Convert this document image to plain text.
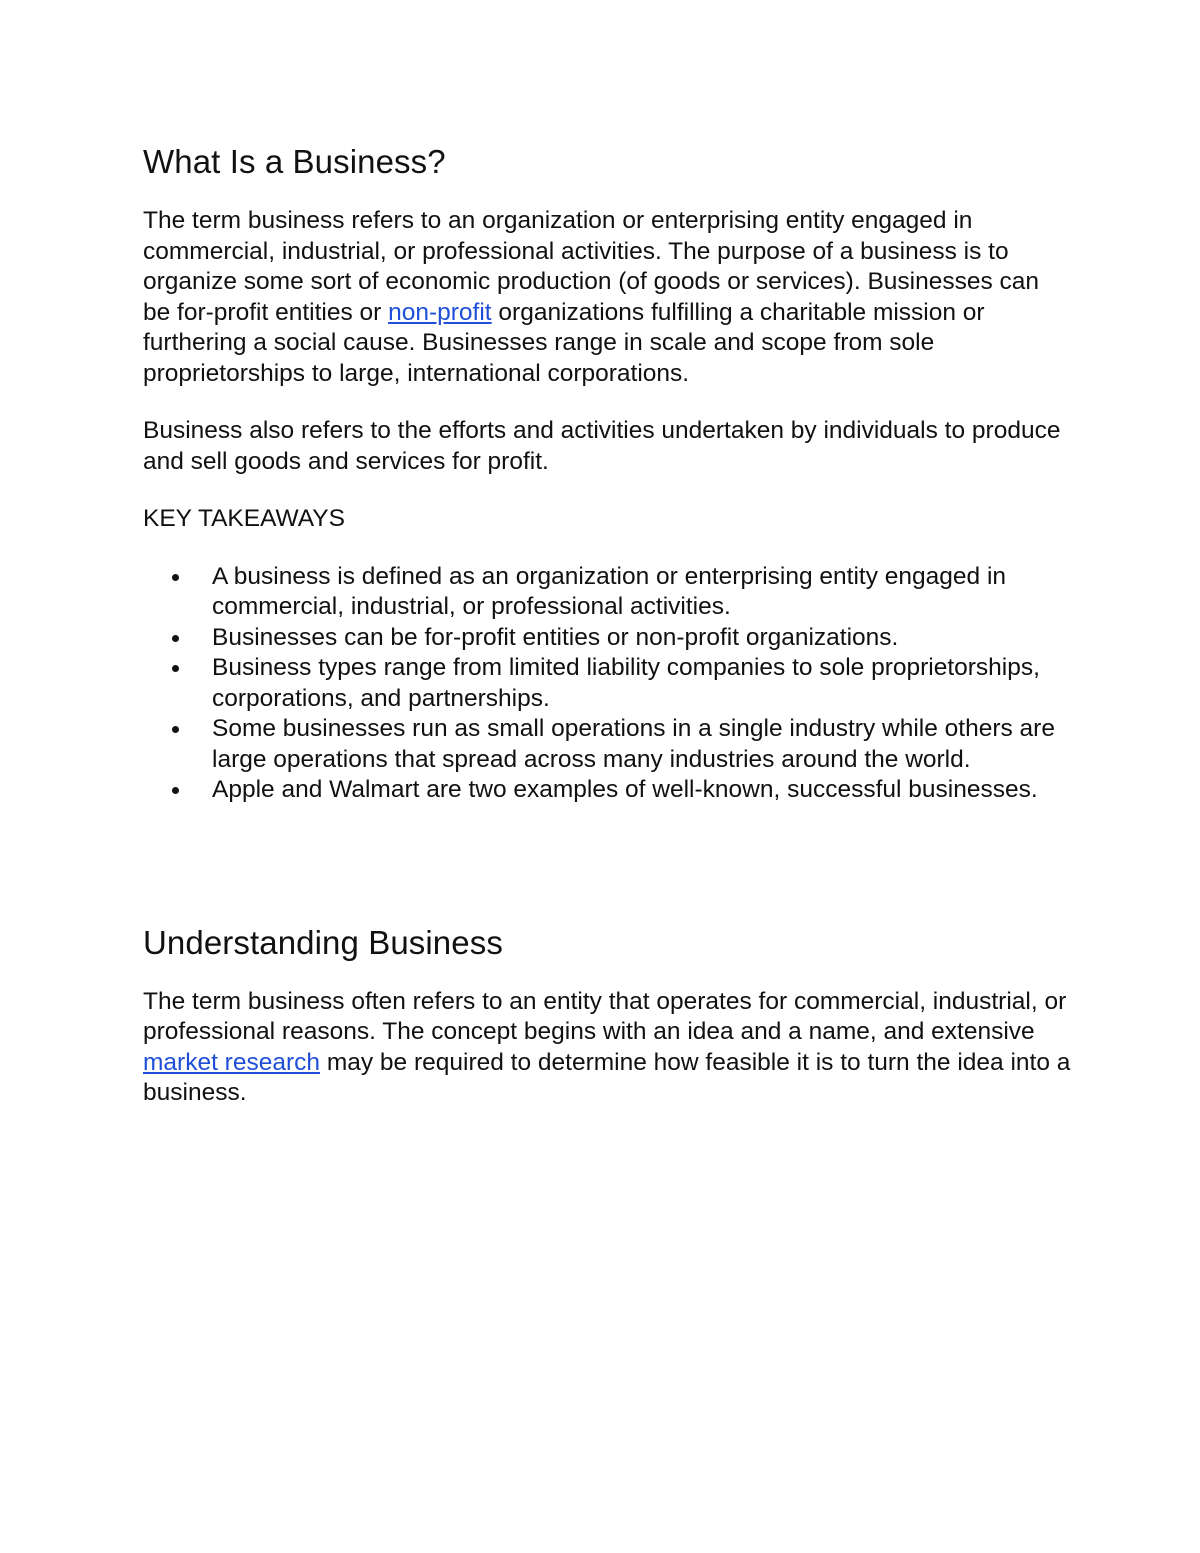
What Is a Business?

The term business refers to an organization or enterprising entity engaged in commercial, industrial, or professional activities. The purpose of a business is to organize some sort of economic production (of goods or services). Businesses can be for-profit entities or non-profit organizations fulfilling a charitable mission or furthering a social cause. Businesses range in scale and scope from sole proprietorships to large, international corporations.

Business also refers to the efforts and activities undertaken by individuals to produce and sell goods and services for profit.

KEY TAKEAWAYS

A business is defined as an organization or enterprising entity engaged in commercial, industrial, or professional activities.
Businesses can be for-profit entities or non-profit organizations.
Business types range from limited liability companies to sole proprietorships, corporations, and partnerships.
Some businesses run as small operations in a single industry while others are large operations that spread across many industries around the world.
Apple and Walmart are two examples of well-known, successful businesses.
Understanding Business

The term business often refers to an entity that operates for commercial, industrial, or professional reasons. The concept begins with an idea and a name, and extensive market research may be required to determine how feasible it is to turn the idea into a business.
